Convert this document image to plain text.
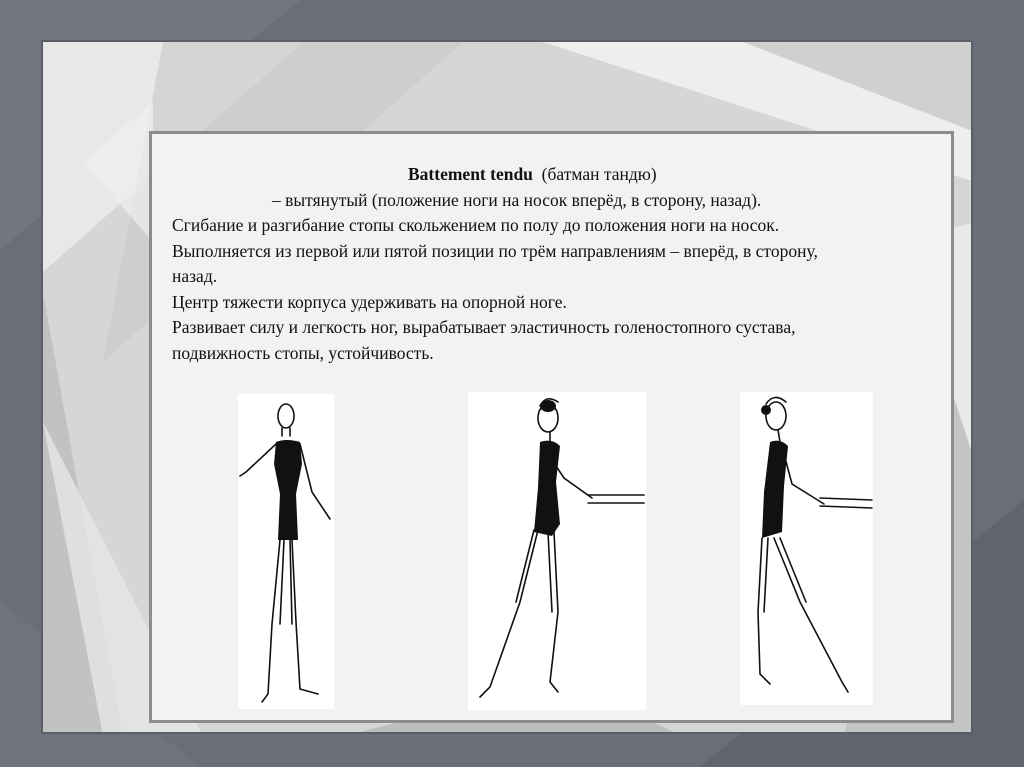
Battement tendu (батман тандю)
– вытянутый (положение ноги на носок вперёд, в сторону, назад).
Сгибание и разгибание стопы скольжением по полу до положения ноги на носок.
Выполняется из первой или пятой позиции по трём направлениям – вперёд, в сторону,
назад.
Центр тяжести корпуса удерживать на опорной ноге.
Развивает силу и легкость ног, вырабатывает эластичность голеностопного сустава,
подвижность стопы, устойчивость.
